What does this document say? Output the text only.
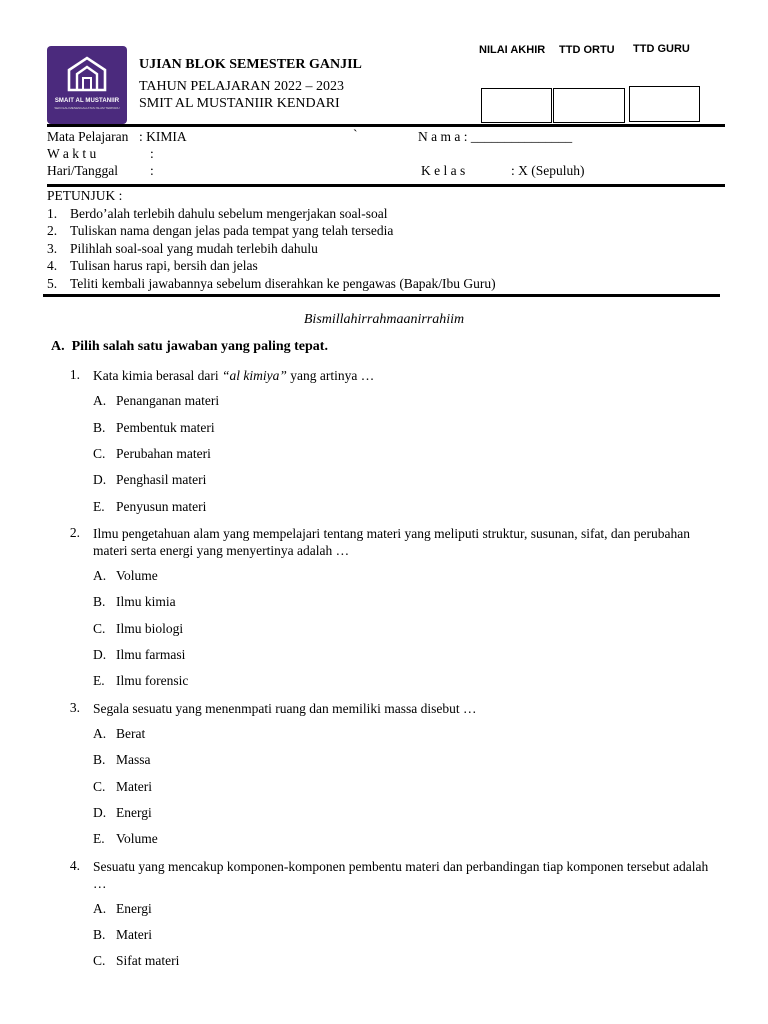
SMAIT AL MUSTANIIR
SEKOLAH MENENGAH ATAS ISLAM TERPADU
UJIAN BLOK SEMESTER GANJIL
TAHUN PELAJARAN 2022 – 2023
SMIT AL MUSTANIIR KENDARI
NILAI AKHIR TTD ORTU TTD GURU
Mata Pelajaran : KIMIA	`	N a m a : _______________
W a k t u	:
Hari/Tanggal :	K e l a s	: X (Sepuluh)
PETUNJUK :
1. Berdo’alah terlebih dahulu sebelum mengerjakan soal-soal
2. Tuliskan nama dengan jelas pada tempat yang telah tersedia
3. Pilihlah soal-soal yang mudah terlebih dahulu
4. Tulisan harus rapi, bersih dan jelas
5. Teliti kembali jawabannya sebelum diserahkan ke pengawas (Bapak/Ibu Guru)
Bismillahirrahmaanirrahiim
A. Pilih salah satu jawaban yang paling tepat.
1. Kata kimia berasal dari “al kimiya” yang artinya …
A. Penanganan materi
B. Pembentuk materi
C. Perubahan materi
D. Penghasil materi
E. Penyusun materi
2. Ilmu pengetahuan alam yang mempelajari tentang materi yang meliputi struktur, susunan, sifat, dan perubahan materi serta energi yang menyertinya adalah …
A. Volume
B. Ilmu kimia
C. Ilmu biologi
D. Ilmu farmasi
E. Ilmu forensic
3. Segala sesuatu yang menenmpati ruang dan memiliki massa disebut …
A. Berat
B. Massa
C. Materi
D. Energi
E. Volume
4. Sesuatu yang mencakup komponen-komponen pembentu materi dan perbandingan tiap komponen tersebut adalah …
A. Energi
B. Materi
C. Sifat materi
